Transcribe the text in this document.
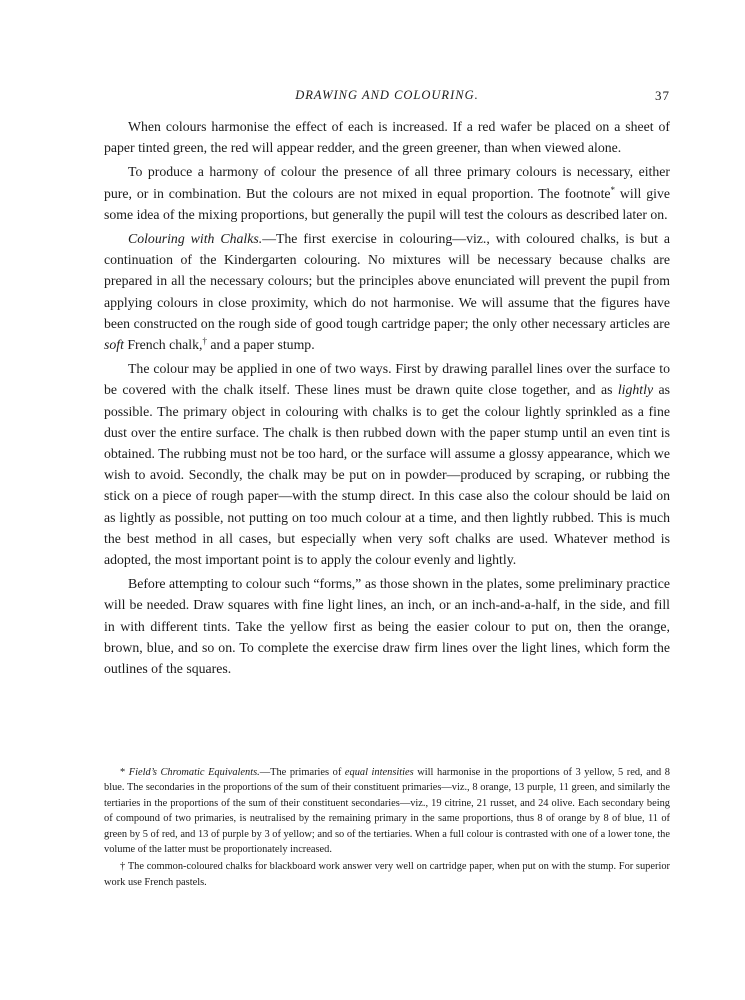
DRAWING AND COLOURING.	37

When colours harmonise the effect of each is increased. If a red wafer be placed on a sheet of paper tinted green, the red will appear redder, and the green greener, than when viewed alone.

To produce a harmony of colour the presence of all three primary colours is necessary, either pure, or in combination. But the colours are not mixed in equal proportion. The footnote* will give some idea of the mixing proportions, but generally the pupil will test the colours as described later on.

Colouring with Chalks.—The first exercise in colouring—viz., with coloured chalks, is but a continuation of the Kindergarten colouring. No mixtures will be necessary because chalks are prepared in all the necessary colours; but the principles above enunciated will prevent the pupil from applying colours in close proximity, which do not harmonise. We will assume that the figures have been constructed on the rough side of good tough cartridge paper; the only other necessary articles are soft French chalk,† and a paper stump.

The colour may be applied in one of two ways. First by drawing parallel lines over the surface to be covered with the chalk itself. These lines must be drawn quite close together, and as lightly as possible. The primary object in colouring with chalks is to get the colour lightly sprinkled as a fine dust over the entire surface. The chalk is then rubbed down with the paper stump until an even tint is obtained. The rubbing must not be too hard, or the surface will assume a glossy appearance, which we wish to avoid. Secondly, the chalk may be put on in powder—produced by scraping, or rubbing the stick on a piece of rough paper—with the stump direct. In this case also the colour should be laid on as lightly as possible, not putting on too much colour at a time, and then lightly rubbed. This is much the best method in all cases, but especially when very soft chalks are used. Whatever method is adopted, the most important point is to apply the colour evenly and lightly.

Before attempting to colour such “forms,” as those shown in the plates, some preliminary practice will be needed. Draw squares with fine light lines, an inch, or an inch-and-a-half, in the side, and fill in with different tints. Take the yellow first as being the easier colour to put on, then the orange, brown, blue, and so on. To complete the exercise draw firm lines over the light lines, which form the outlines of the squares.

* Field’s Chromatic Equivalents.—The primaries of equal intensities will harmonise in the proportions of 3 yellow, 5 red, and 8 blue. The secondaries in the proportions of the sum of their constituent primaries—viz., 8 orange, 13 purple, 11 green, and similarly the tertiaries in the proportions of the sum of their constituent secondaries—viz., 19 citrine, 21 russet, and 24 olive. Each secondary being of compound of two primaries, is neutralised by the remaining primary in the same proportions, thus 8 of orange by 8 of blue, 11 of green by 5 of red, and 13 of purple by 3 of yellow; and so of the tertiaries. When a full colour is contrasted with one of a lower tone, the volume of the latter must be proportionately increased.

† The common-coloured chalks for blackboard work answer very well on cartridge paper, when put on with the stump. For superior work use French pastels.
